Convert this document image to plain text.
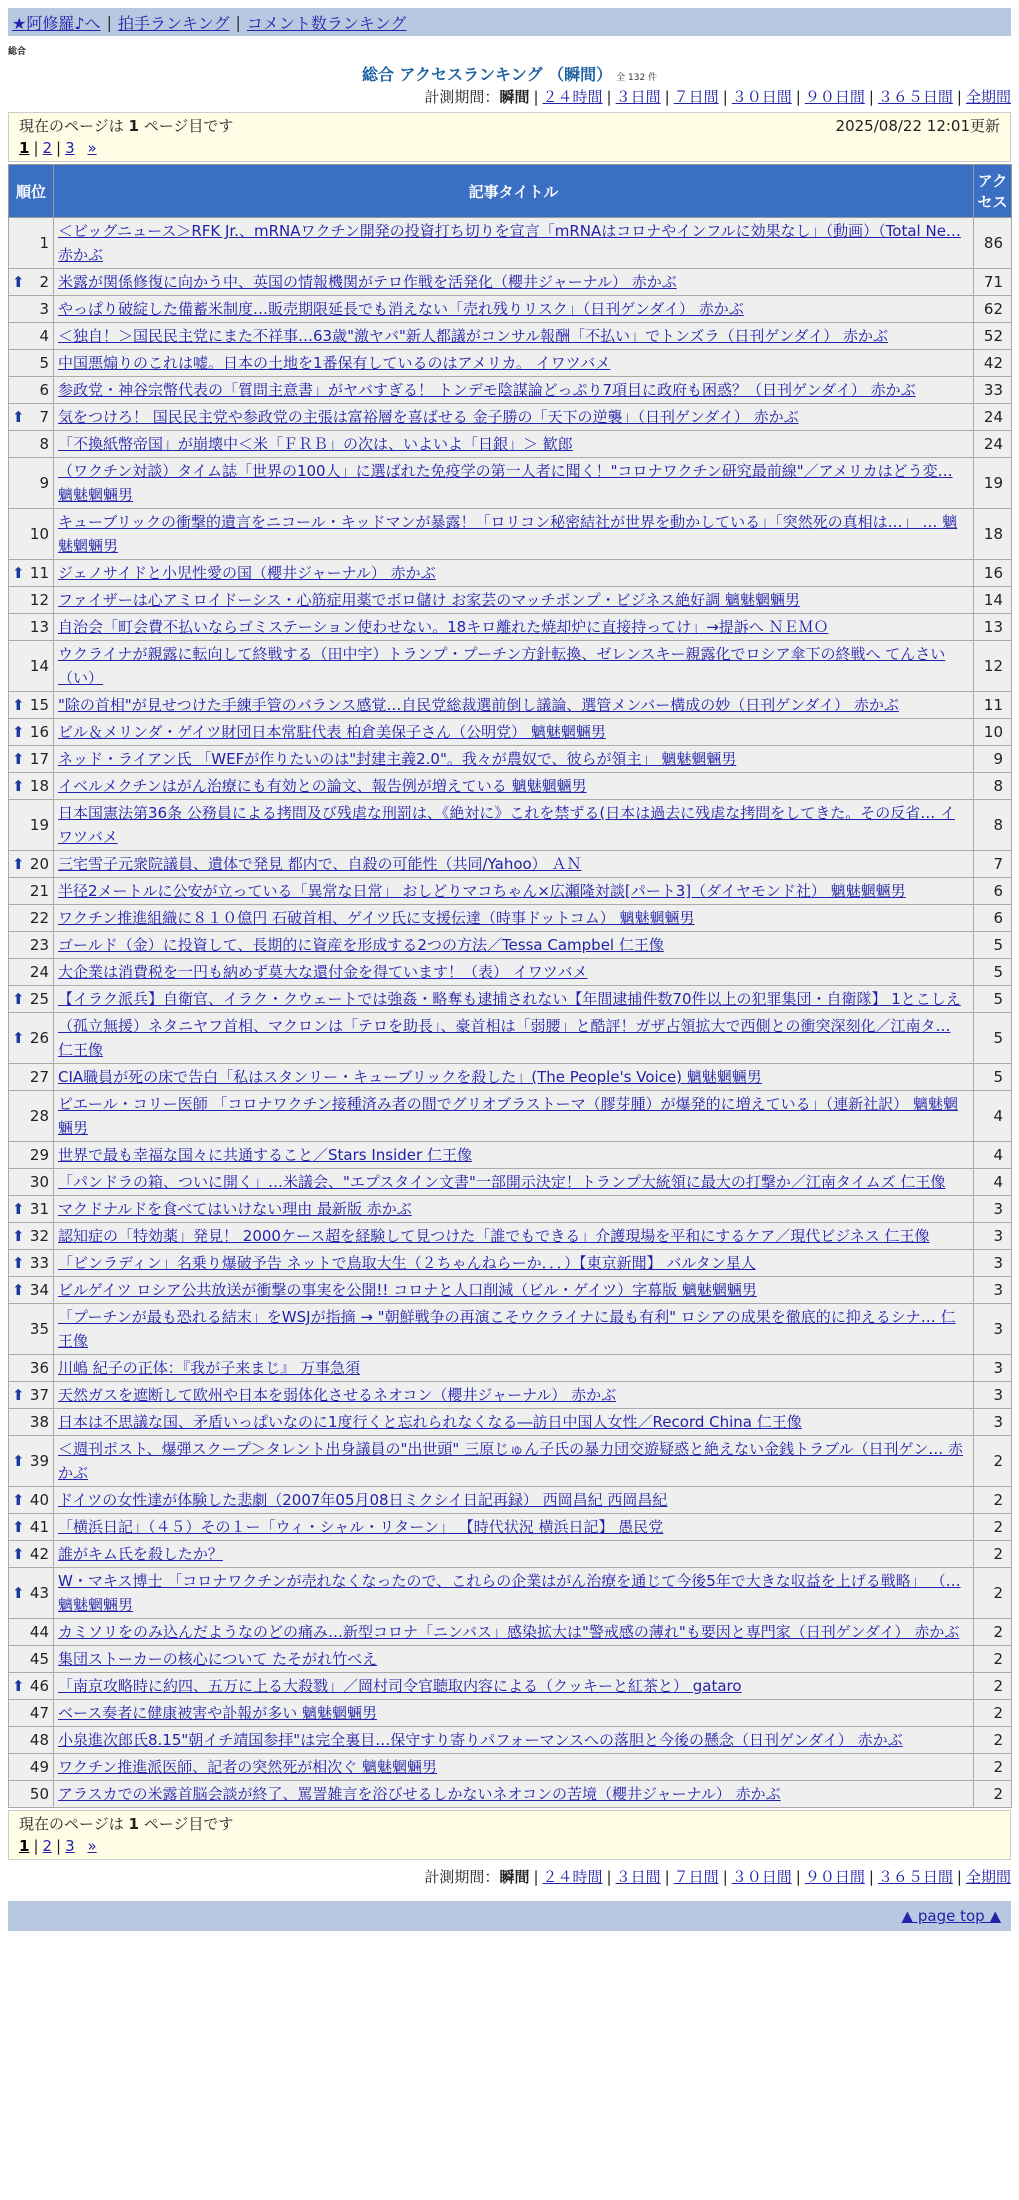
★阿修羅♪へ | 拍手ランキング | コメント数ランキング
総合
総合 アクセスランキング （瞬間） 全 132 件
計測期間：瞬間 | ２４時間 | ３日間 | ７日間 | ３０日間 | ９０日間 | ３６５日間 | 全期間
現在のページは 1 ページ目です	2025/08/22 12:01更新
1 | 2 | 3 »
順位	記事タイトル	アクセス
1	＜ビッグニュース＞RFK Jr.、mRNAワクチン開発の投資打ち切りを宣言「mRNAはコロナやインフルに効果なし」（動画）（Total Ne… 赤かぶ	86

⬆ 2	米露が関係修復に向かう中、英国の情報機関がテロ作戦を活発化（櫻井ジャーナル） 赤かぶ	71
3	やっぱり破綻した備蓄米制度…販売期限延長でも消えない「売れ残りリスク」（日刊ゲンダイ） 赤かぶ	62
4	＜独自！＞国民民主党にまた不祥事…63歳"激ヤバ"新人都議がコンサル報酬「不払い」でトンズラ（日刊ゲンダイ） 赤かぶ	52
5	中国悪煽りのこれは嘘。日本の土地を1番保有しているのはアメリカ。 イワツバメ	42
6	参政党・神谷宗幣代表の「質問主意書」がヤバすぎる！ トンデモ陰謀論どっぷり7項目に政府も困惑？（日刊ゲンダイ） 赤かぶ	33

⬆ 7	気をつけろ！ 国民民主党や参政党の主張は富裕層を喜ばせる 金子勝の「天下の逆襲」（日刊ゲンダイ） 赤かぶ	24
8	「不換紙幣帝国」が崩壊中＜米「ＦＲＢ」の次は、いよいよ「日銀」＞ 歓郎	24
9	（ワクチン対談）タイム誌「世界の100人」に選ばれた免疫学の第一人者に聞く！"コロナワクチン研究最前線"／アメリカはどう変… 魑魅魍魎男	19
10	キューブリックの衝撃的遺言をニコール・キッドマンが暴露！「ロリコン秘密結社が世界を動かしている」「突然死の真相は…」 … 魑魅魍魎男	18

⬆ 11	ジェノサイドと小児性愛の国（櫻井ジャーナル） 赤かぶ	16
12	ファイザーは心アミロイドーシス・心筋症用薬でボロ儲け お家芸のマッチポンプ・ビジネス絶好調 魑魅魍魎男	14
13	自治会「町会費不払いならゴミステーション使わせない。18キロ離れた焼却炉に直接持ってけ」→提訴へ ＮＥＭＯ	13
14	ウクライナが親露に転向して終戦する（田中宇）トランプ・プーチン方針転換、ゼレンスキー親露化でロシア傘下の終戦へ てんさい（い）	12

⬆ 15	"除の首相"が見せつけた手練手管のバランス感覚…自民党総裁選前倒し議論、選管メンバー構成の妙（日刊ゲンダイ） 赤かぶ	11

⬆ 16	ビル＆メリンダ・ゲイツ財団日本常駐代表 柏倉美保子さん（公明党） 魑魅魍魎男	10

⬆ 17	ネッド・ライアン氏 「WEFが作りたいのは"封建主義2.0"。我々が農奴で、彼らが領主」 魑魅魍魎男	9

⬆ 18	イベルメクチンはがん治療にも有効との論文、報告例が増えている 魑魅魍魎男	8
19	日本国憲法第36条 公務員による拷問及び残虐な刑罰は、《絶対に》これを禁ずる(日本は過去に残虐な拷問をしてきた。その反省… イワツバメ	8

⬆ 20	三宅雪子元衆院議員、遺体で発見 都内で、自殺の可能性（共同/Yahoo） ＡＮ	7
21	半径2メートルに公安が立っている「異常な日常」 おしどりマコちゃん×広瀬隆対談[パート3]（ダイヤモンド社） 魑魅魍魎男	6
22	ワクチン推進組織に８１０億円 石破首相、ゲイツ氏に支援伝達（時事ドットコム） 魑魅魍魎男	6
23	ゴールド（金）に投資して、長期的に資産を形成する2つの方法／Tessa Campbel 仁王像	5
24	大企業は消費税を一円も納めず莫大な還付金を得ています！（表） イワツバメ	5

⬆ 25	【イラク派兵】自衛官、イラク・クウェートでは強姦・略奪も逮捕されない【年間逮捕件数70件以上の犯罪集団・自衛隊】 1とこしえ	5

⬆ 26	（孤立無援）ネタニヤフ首相、マクロンは「テロを助長」、豪首相は「弱腰」と酷評！ガザ占領拡大で西側との衝突深刻化／江南タ… 仁王像	5
27	CIA職員が死の床で告白「私はスタンリー・キューブリックを殺した」(The People's Voice) 魑魅魍魎男	5
28	ピエール・コリー医師 「コロナワクチン接種済み者の間でグリオブラストーマ（膠芽腫）が爆発的に増えている」（連新社訳） 魑魅魍魎男	4
29	世界で最も幸福な国々に共通すること／Stars Insider 仁王像	4
30	「パンドラの箱、ついに開く」…米議会、"エプスタイン文書"一部開示決定！トランプ大統領に最大の打撃か／江南タイムズ 仁王像	4

⬆ 31	マクドナルドを食べてはいけない理由 最新版 赤かぶ	3

⬆ 32	認知症の「特効薬」発見！ 2000ケース超を経験して見つけた「誰でもできる」介護現場を平和にするケア／現代ビジネス 仁王像	3

⬆ 33	「ビンラディン」名乗り爆破予告 ネットで鳥取大生（２ちゃんねらーか．．．）【東京新聞】 バルタン星人	3

⬆ 34	ビルゲイツ ロシア公共放送が衝撃の事実を公開!! コロナと人口削減（ビル・ゲイツ）字幕版 魑魅魍魎男	3
35	「プーチンが最も恐れる結末」をWSJが指摘 → "朝鮮戦争の再演こそウクライナに最も有利" ロシアの成果を徹底的に抑えるシナ… 仁王像	3
36	川嶋 紀子の正体：『我が子来まじ』 万事急須	3

⬆ 37	天然ガスを遮断して欧州や日本を弱体化させるネオコン（櫻井ジャーナル） 赤かぶ	3
38	日本は不思議な国、矛盾いっぱいなのに1度行くと忘れられなくなる―訪日中国人女性／Record China 仁王像	3

⬆ 39	＜週刊ポスト、爆弾スクープ＞タレント出身議員の"出世頭" 三原じゅん子氏の暴力団交遊疑惑と絶えない金銭トラブル（日刊ゲン… 赤かぶ	2

⬆ 40	ドイツの女性達が体験した悲劇（2007年05月08日ミクシイ日記再録） 西岡昌紀 西岡昌紀	2

⬆ 41	「横浜日記」（４５）その１ー「ウィ・シャル・リターン」 【時代状況 横浜日記】 愚民党	2

⬆ 42	誰がキム氏を殺したか？	2

⬆ 43	W・マキス博士 「コロナワクチンが売れなくなったので、これらの企業はがん治療を通じて今後5年で大きな収益を上げる戦略」 （… 魑魅魍魎男	2
44	カミソリをのみ込んだようなのどの痛み…新型コロナ「ニンバス」感染拡大は"警戒感の薄れ"も要因と専門家（日刊ゲンダイ） 赤かぶ	2
45	集団ストーカーの核心について たそがれ竹べえ	2

⬆ 46	「南京攻略時に約四、五万に上る大殺戮」／岡村司令官聴取内容による（クッキーと紅茶と） gataro	2
47	ベース奏者に健康被害や訃報が多い 魑魅魍魎男	2
48	小泉進次郎氏8.15"朝イチ靖国参拝"は完全裏目…保守すり寄りパフォーマンスへの落胆と今後の懸念（日刊ゲンダイ） 赤かぶ	2
49	ワクチン推進派医師、記者の突然死が相次ぐ 魑魅魍魎男	2
50	アラスカでの米露首脳会談が終了、罵詈雑言を浴びせるしかないネオコンの苦境（櫻井ジャーナル） 赤かぶ	2
現在のページは 1 ページ目です
1 | 2 | 3 »
計測期間：瞬間 | ２４時間 | ３日間 | ７日間 | ３０日間 | ９０日間 | ３６５日間 | 全期間
▲ page top ▲
